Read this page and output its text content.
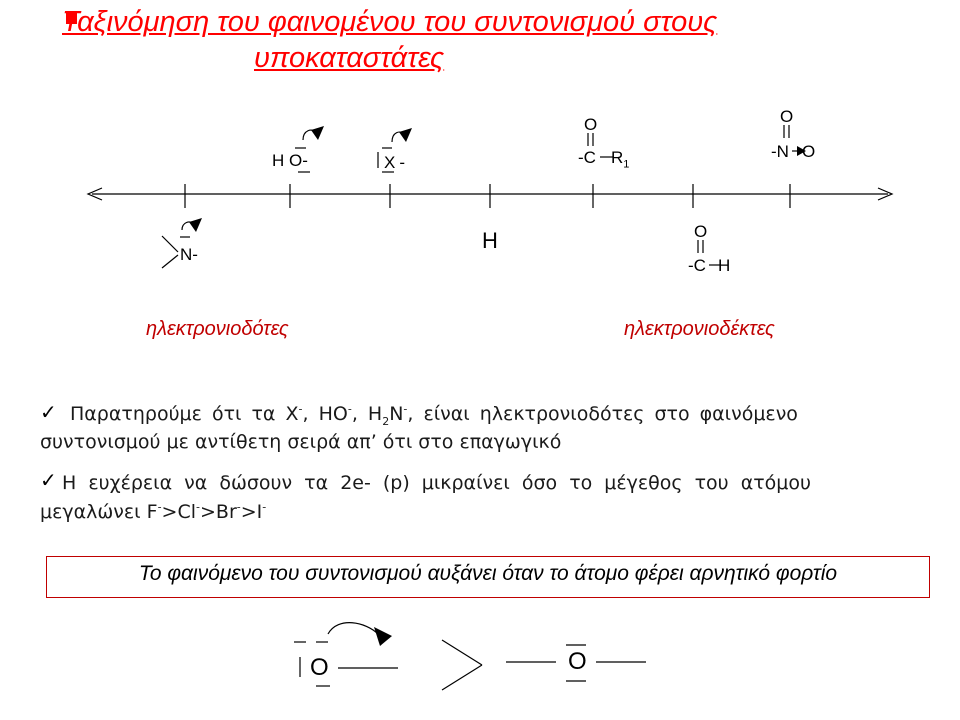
Ταξινόμηση του φαινομένου του συντονισμού στους
υποκαταστάτες
H O-	X -
O
-C $R_1$
O
-N O
N-
H	O
-C H
ηλεκτρονιοδότες	ηλεκτρονιοδέκτες
✓ Παρατηρούμε ότι τα X-, HO-, $H_2N^-$, είναι ηλεκτρονιοδότες στο φαινόμενο
συντονισμού με αντίθετη σειρά απ’ ότι στο επαγωγικό
✓ Η ευχέρεια να δώσουν τα 2e- (p) μικραίνει όσο το μέγεθος του ατόμου
μεγαλώνει F->Cl->Br->I-
Το φαινόμενο του συντονισμού αυξάνει όταν το άτομο φέρει αρνητικό φορτίο
O	O
